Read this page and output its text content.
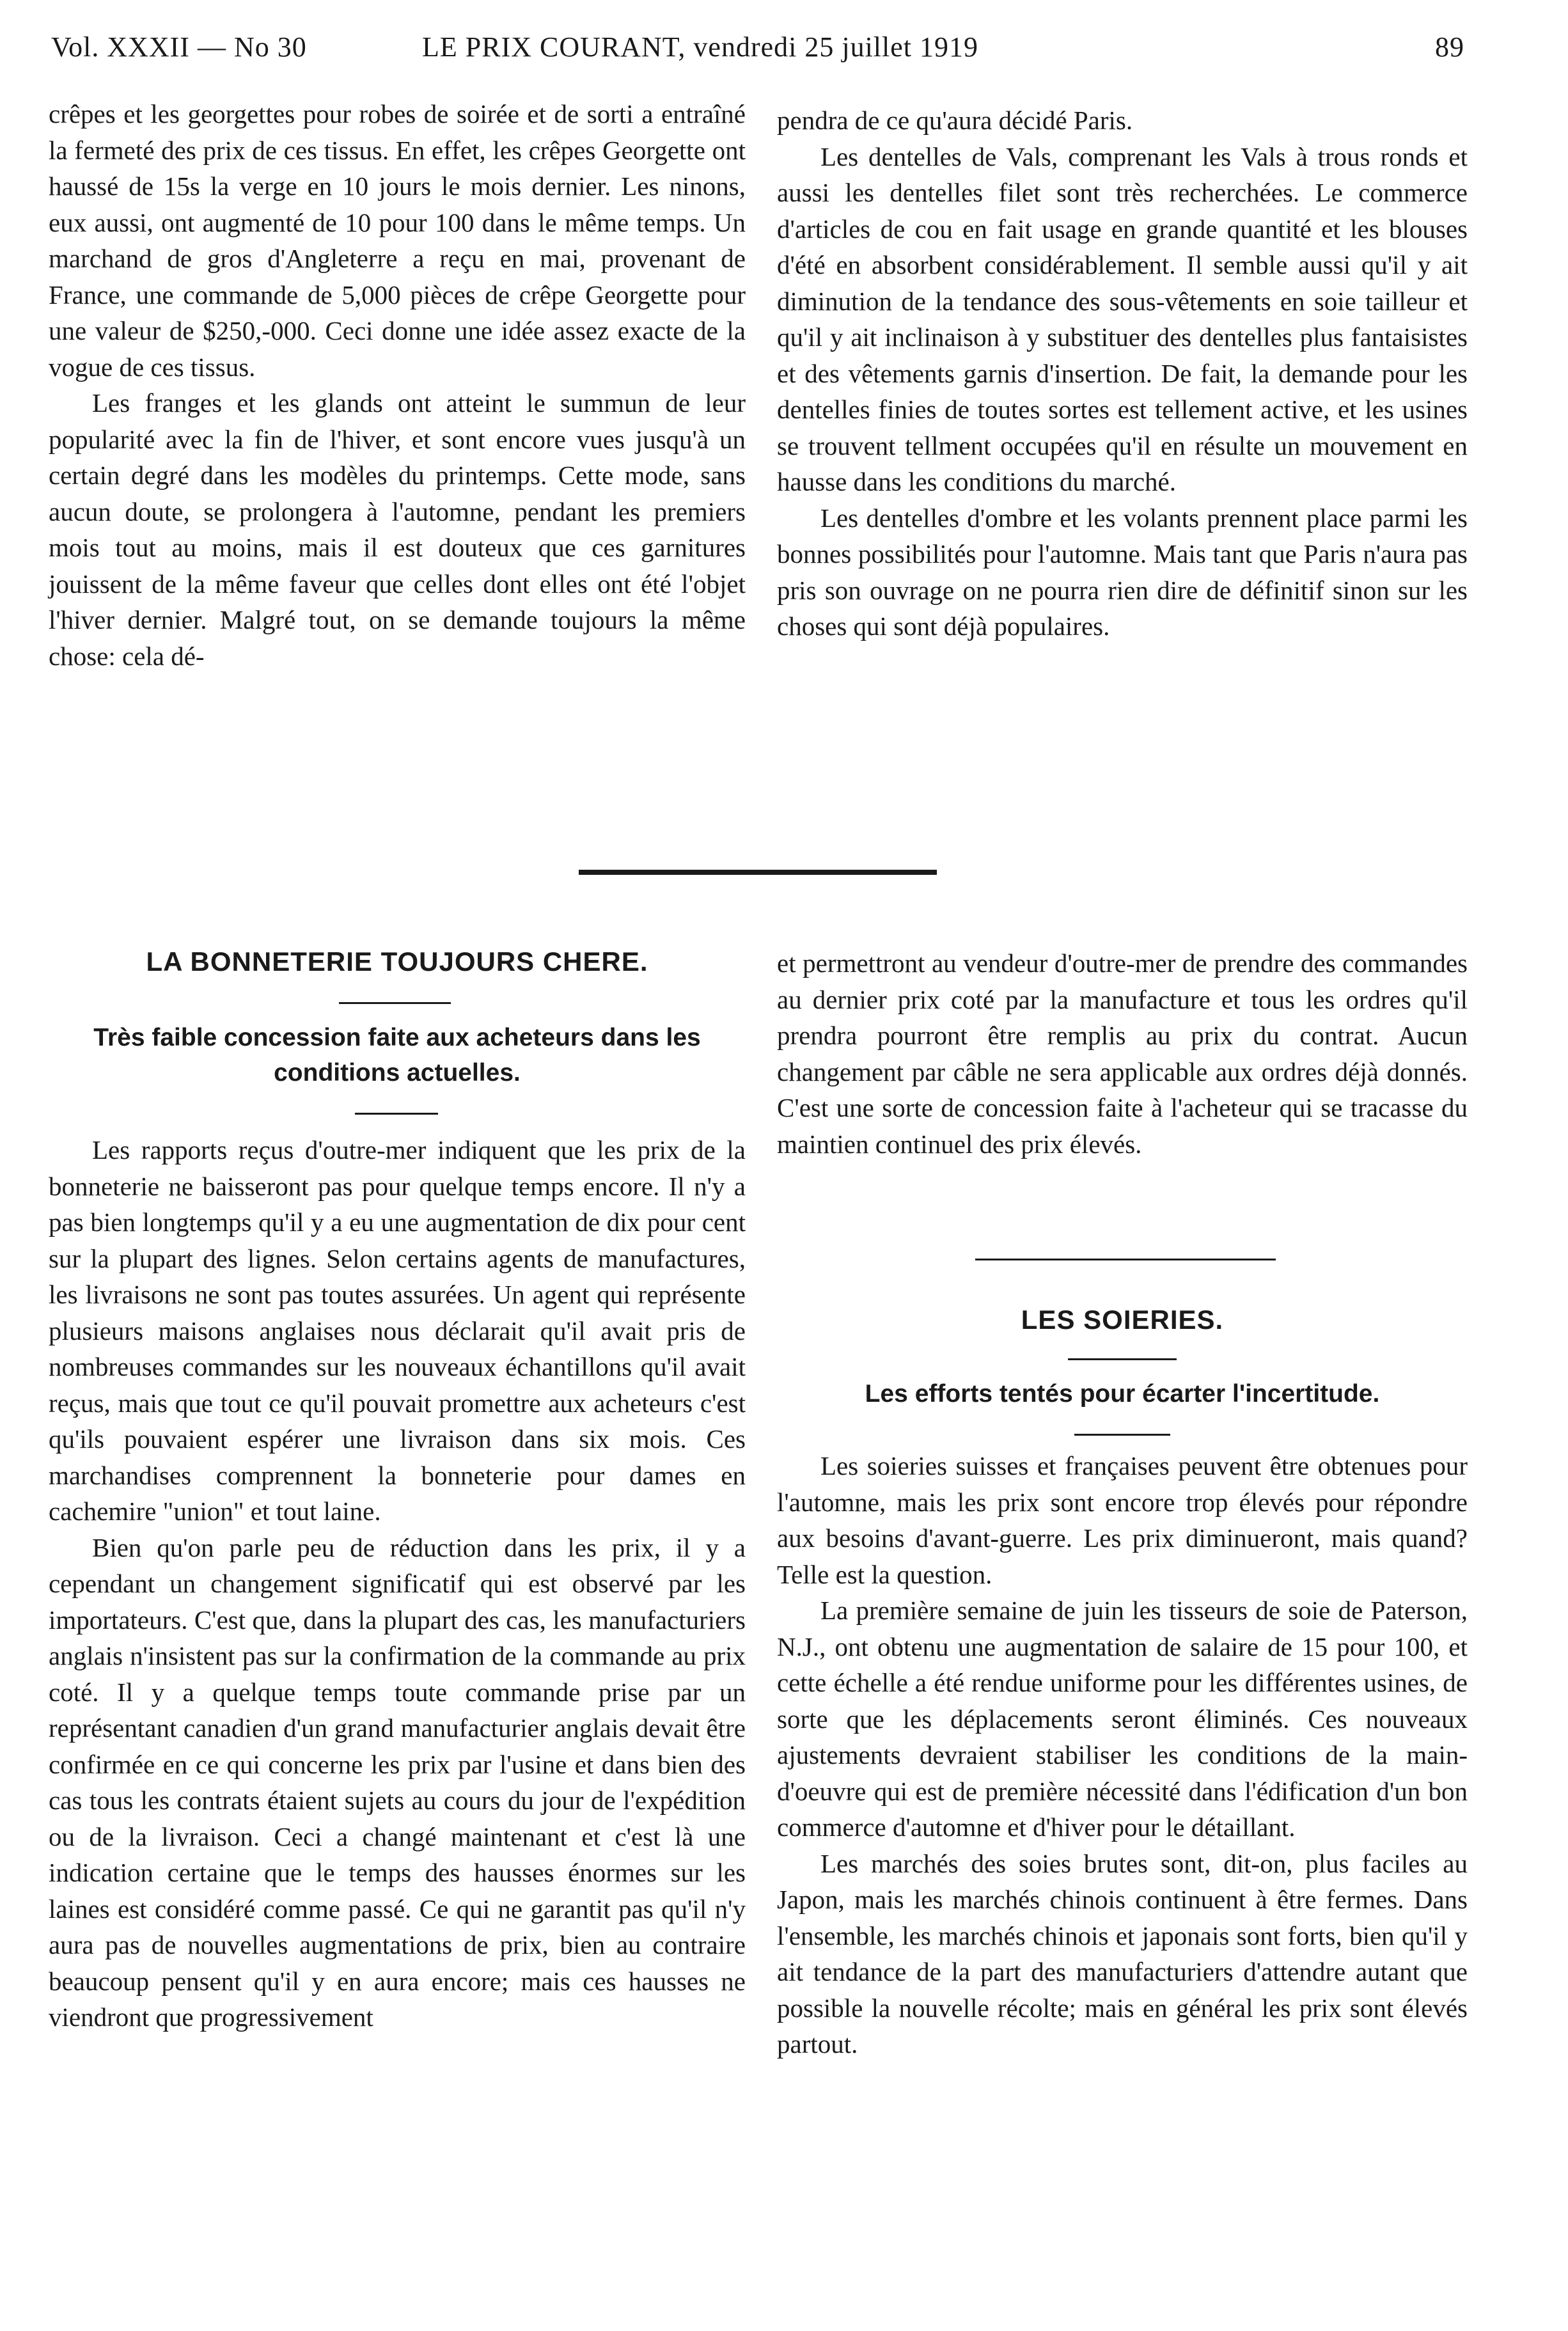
Vol. XXXII — No 30	LE PRIX COURANT, vendredi 25 juillet 1919	89

crêpes et les georgettes pour robes de soirée et de sorti a entraîné la fermeté des prix de ces tissus. En effet, les crêpes Georgette ont haussé de 15s la verge en 10 jours le mois dernier. Les ninons, eux aussi, ont augmenté de 10 pour 100 dans le même temps. Un marchand de gros d'Angleterre a reçu en mai, provenant de France, une commande de 5,000 pièces de crêpe Georgette pour une valeur de $250,-000. Ceci donne une idée assez exacte de la vogue de ces tissus.

Les franges et les glands ont atteint le summun de leur popularité avec la fin de l'hiver, et sont encore vues jusqu'à un certain degré dans les modèles du printemps. Cette mode, sans aucun doute, se prolongera à l'automne, pendant les premiers mois tout au moins, mais il est douteux que ces garnitures jouissent de la même faveur que celles dont elles ont été l'objet l'hiver dernier. Malgré tout, on se demande toujours la même chose: cela dé-

pendra de ce qu'aura décidé Paris.

Les dentelles de Vals, comprenant les Vals à trous ronds et aussi les dentelles filet sont très recherchées. Le commerce d'articles de cou en fait usage en grande quantité et les blouses d'été en absorbent considérablement. Il semble aussi qu'il y ait diminution de la tendance des sous-vêtements en soie tailleur et qu'il y ait inclinaison à y substituer des dentelles plus fantaisistes et des vêtements garnis d'insertion. De fait, la demande pour les dentelles finies de toutes sortes est tellement active, et les usines se trouvent tellment occupées qu'il en résulte un mouvement en hausse dans les conditions du marché.

Les dentelles d'ombre et les volants prennent place parmi les bonnes possibilités pour l'automne. Mais tant que Paris n'aura pas pris son ouvrage on ne pourra rien dire de définitif sinon sur les choses qui sont déjà populaires.

LA BONNETERIE TOUJOURS CHERE.
Très faible concession faite aux acheteurs dans les conditions actuelles.

Les rapports reçus d'outre-mer indiquent que les prix de la bonneterie ne baisseront pas pour quelque temps encore. Il n'y a pas bien longtemps qu'il y a eu une augmentation de dix pour cent sur la plupart des lignes. Selon certains agents de manufactures, les livraisons ne sont pas toutes assurées. Un agent qui représente plusieurs maisons anglaises nous déclarait qu'il avait pris de nombreuses commandes sur les nouveaux échantillons qu'il avait reçus, mais que tout ce qu'il pouvait promettre aux acheteurs c'est qu'ils pouvaient espérer une livraison dans six mois. Ces marchandises comprennent la bonneterie pour dames en cachemire "union" et tout laine.

Bien qu'on parle peu de réduction dans les prix, il y a cependant un changement significatif qui est observé par les importateurs. C'est que, dans la plupart des cas, les manufacturiers anglais n'insistent pas sur la confirmation de la commande au prix coté. Il y a quelque temps toute commande prise par un représentant canadien d'un grand manufacturier anglais devait être confirmée en ce qui concerne les prix par l'usine et dans bien des cas tous les contrats étaient sujets au cours du jour de l'expédition ou de la livraison. Ceci a changé maintenant et c'est là une indication certaine que le temps des hausses énormes sur les laines est considéré comme passé. Ce qui ne garantit pas qu'il n'y aura pas de nouvelles augmentations de prix, bien au contraire beaucoup pensent qu'il y en aura encore; mais ces hausses ne viendront que progressivement

et permettront au vendeur d'outre-mer de prendre des commandes au dernier prix coté par la manufacture et tous les ordres qu'il prendra pourront être remplis au prix du contrat. Aucun changement par câble ne sera applicable aux ordres déjà donnés. C'est une sorte de concession faite à l'acheteur qui se tracasse du maintien continuel des prix élevés.

LES SOIERIES.
Les efforts tentés pour écarter l'incertitude.

Les soieries suisses et françaises peuvent être obtenues pour l'automne, mais les prix sont encore trop élevés pour répondre aux besoins d'avant-guerre. Les prix diminueront, mais quand? Telle est la question.

La première semaine de juin les tisseurs de soie de Paterson, N.J., ont obtenu une augmentation de salaire de 15 pour 100, et cette échelle a été rendue uniforme pour les différentes usines, de sorte que les déplacements seront éliminés. Ces nouveaux ajustements devraient stabiliser les conditions de la main-d'oeuvre qui est de première nécessité dans l'édification d'un bon commerce d'automne et d'hiver pour le détaillant.

Les marchés des soies brutes sont, dit-on, plus faciles au Japon, mais les marchés chinois continuent à être fermes. Dans l'ensemble, les marchés chinois et japonais sont forts, bien qu'il y ait tendance de la part des manufacturiers d'attendre autant que possible la nouvelle récolte; mais en général les prix sont élevés partout.
